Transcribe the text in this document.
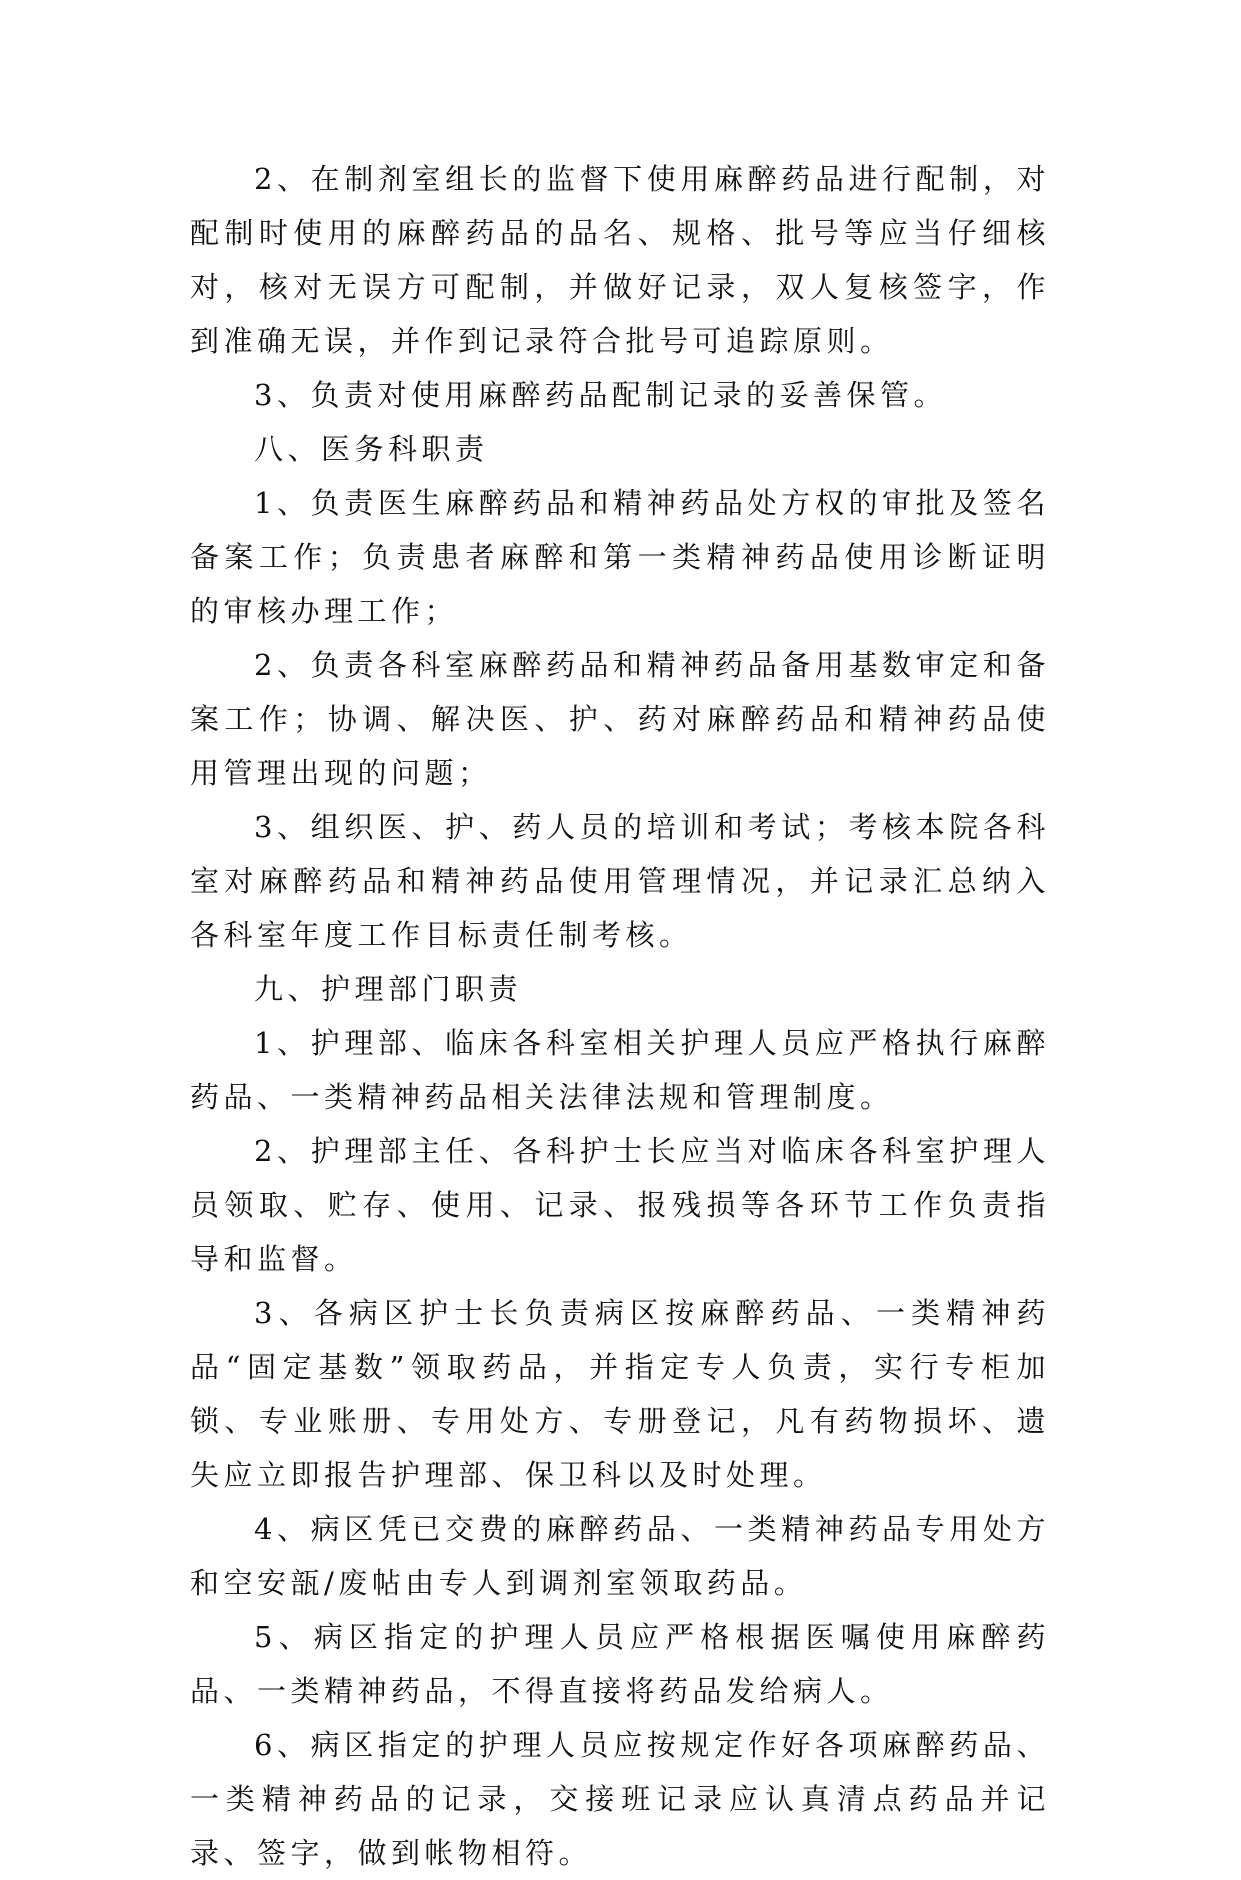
2、在制剂室组长的监督下使用麻醉药品进行配制，对配制时使用的麻醉药品的品名、规格、批号等应当仔细核对，核对无误方可配制，并做好记录，双人复核签字，作到准确无误，并作到记录符合批号可追踪原则。

3、负责对使用麻醉药品配制记录的妥善保管。

八、医务科职责

1、负责医生麻醉药品和精神药品处方权的审批及签名备案工作；负责患者麻醉和第一类精神药品使用诊断证明的审核办理工作；

2、负责各科室麻醉药品和精神药品备用基数审定和备案工作；协调、解决医、护、药对麻醉药品和精神药品使用管理出现的问题；

3、组织医、护、药人员的培训和考试；考核本院各科室对麻醉药品和精神药品使用管理情况，并记录汇总纳入各科室年度工作目标责任制考核。

九、护理部门职责

1、护理部、临床各科室相关护理人员应严格执行麻醉药品、一类精神药品相关法律法规和管理制度。

2、护理部主任、各科护士长应当对临床各科室护理人员领取、贮存、使用、记录、报残损等各环节工作负责指导和监督。

3、各病区护士长负责病区按麻醉药品、一类精神药品“固定基数”领取药品，并指定专人负责，实行专柜加锁、专业账册、专用处方、专册登记，凡有药物损坏、遗失应立即报告护理部、保卫科以及时处理。

4、病区凭已交费的麻醉药品、一类精神药品专用处方和空安瓿/废帖由专人到调剂室领取药品。

5、病区指定的护理人员应严格根据医嘱使用麻醉药品、一类精神药品，不得直接将药品发给病人。

6、病区指定的护理人员应按规定作好各项麻醉药品、一类精神药品的记录，交接班记录应认真清点药品并记录、签字，做到帐物相符。
